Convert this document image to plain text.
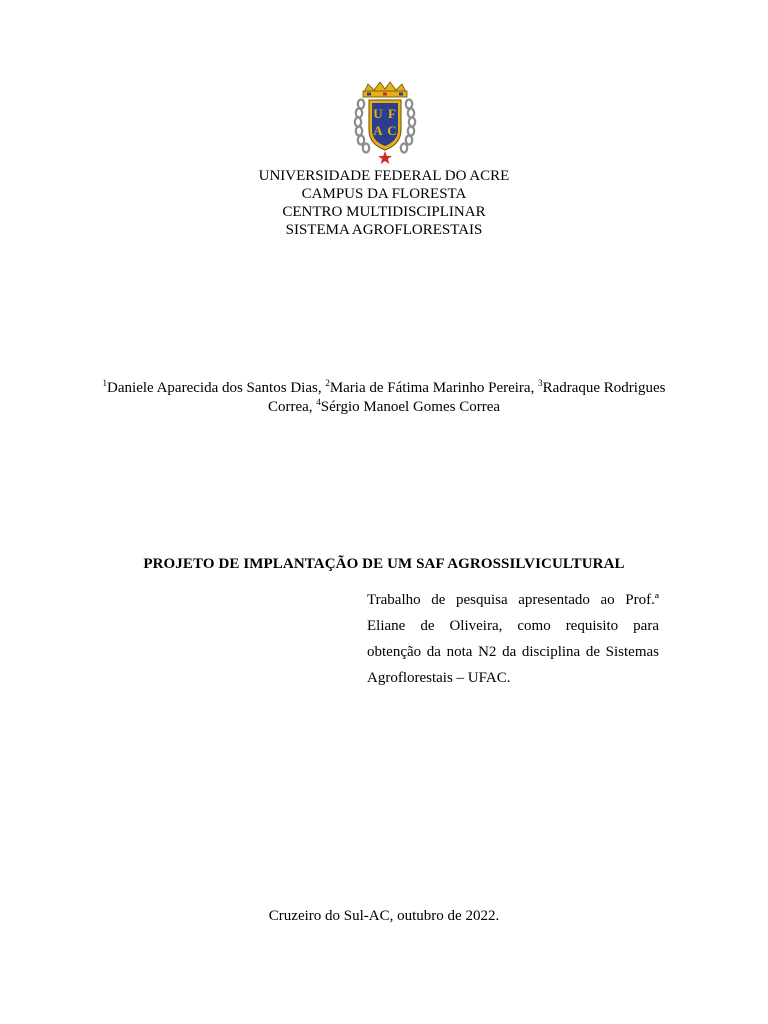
U F
A C
UNIVERSIDADE FEDERAL DO ACRE
CAMPUS DA FLORESTA
CENTRO MULTIDISCIPLINAR
SISTEMA AGROFLORESTAIS
$^1$Daniele Aparecida dos Santos Dias, $^2$Maria de Fátima Marinho Pereira, $^3$Radraque Rodrigues Correa, $^4$Sérgio Manoel Gomes Correa
PROJETO DE IMPLANTAÇÃO DE UM SAF AGROSSILVICULTURAL
Trabalho de pesquisa apresentado ao Prof.ª Eliane de Oliveira, como requisito para obtenção da nota N2 da disciplina de Sistemas Agroflorestais – UFAC.
Cruzeiro do Sul-AC, outubro de 2022.
